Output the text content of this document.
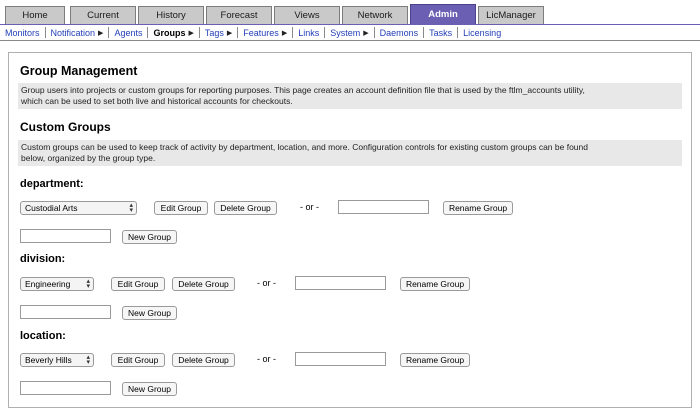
Home	Current	History	Forecast	Views	Network	Admin	LicManager
Monitors Notification ▶ Agents Groups ▶ Tags ▶ Features ▶ Links System ▶ Daemons Tasks Licensing
Group Management
Group users into projects or custom groups for reporting purposes. This page creates an account definition file that is used by the ftlm_accounts utility,
which can be used to set both live and historical accounts for checkouts.
Custom Groups
Custom groups can be used to keep track of activity by department, location, and more. Configuration controls for existing custom groups can be found
below, organized by the group type.
department:
Custodial Arts	▴
▾	Edit Group	Delete Group	- or -	Rename Group
New Group
division:
Engineering ▴
▾	Edit Group	Delete Group	- or -	Rename Group
New Group
location:
Beverly Hills ▴
▾	Edit Group	Delete Group	- or -	Rename Group
New Group
